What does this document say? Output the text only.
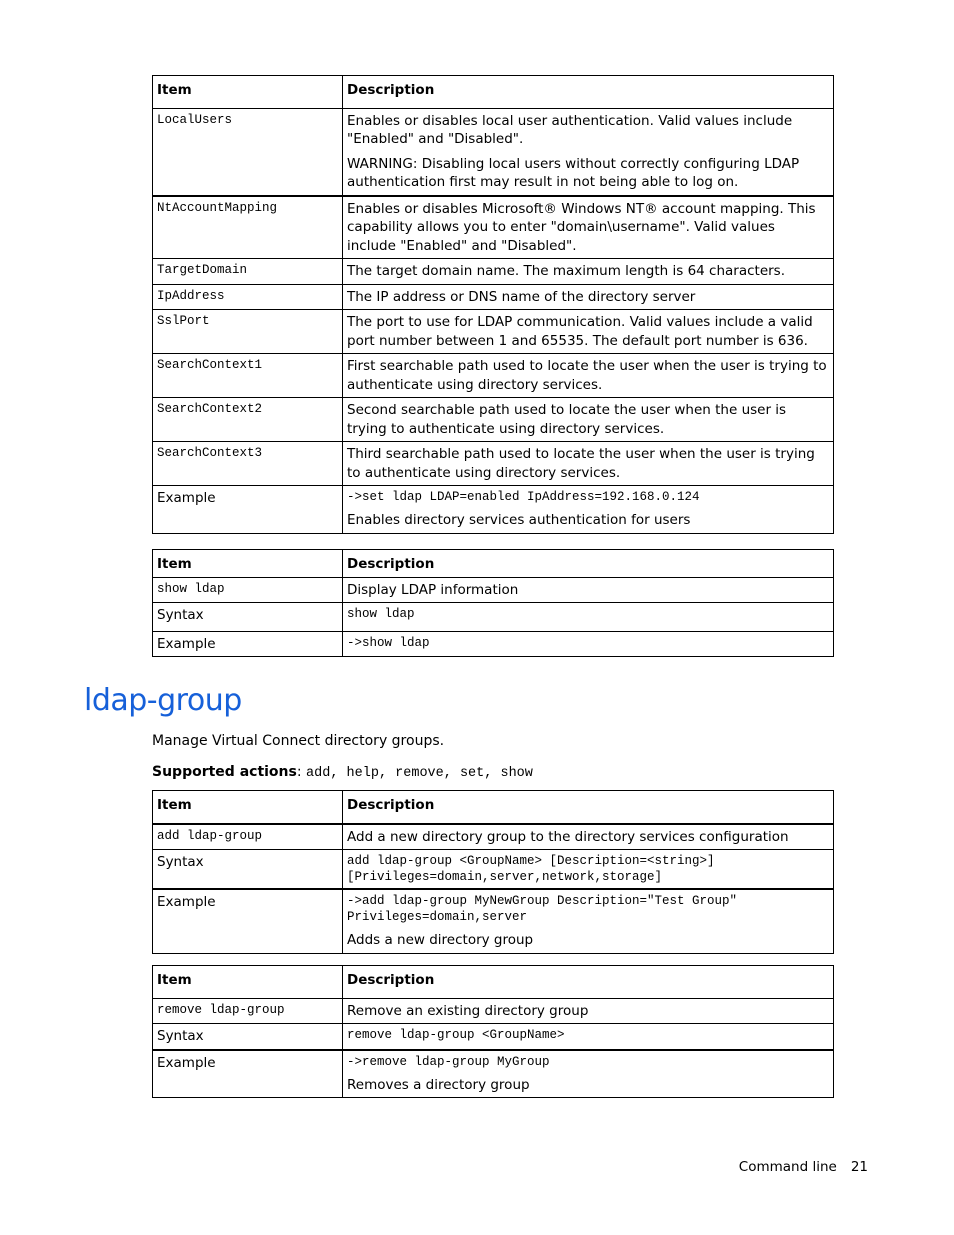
Item	Description
LocalUsers	Enables or disables local user authentication. Valid values include "Enabled" and "Disabled".

WARNING: Disabling local users without correctly configuring LDAP authentication first may result in not being able to log on.

NtAccountMapping	Enables or disables Microsoft® Windows NT® account mapping. This capability allows you to enter "domain\username". Valid values include "Enabled" and "Disabled".
TargetDomain	The target domain name. The maximum length is 64 characters.
IpAddress	The IP address or DNS name of the directory server
SslPort	The port to use for LDAP communication. Valid values include a valid port number between 1 and 65535. The default port number is 636.
SearchContext1	First searchable path used to locate the user when the user is trying to authenticate using directory services.
SearchContext2	Second searchable path used to locate the user when the user is trying to authenticate using directory services.
SearchContext3	Third searchable path used to locate the user when the user is trying to authenticate using directory services.
Example	->set ldap LDAP=enabled IpAddress=192.168.0.124

Enables directory services authentication for users

Item	Description
show ldap	Display LDAP information
Syntax	show ldap
Example	->show ldap
ldap-group

Manage Virtual Connect directory groups.

Supported actions: add, help, remove, set, show

Item	Description
add ldap-group	Add a new directory group to the directory services configuration
Syntax	add ldap-group <GroupName> [Description=<string>]

[Privileges=domain,server,network,storage]

Example	->add ldap-group MyNewGroup Description="Test Group"

Privileges=domain,server

Adds a new directory group

Item	Description
remove ldap-group	Remove an existing directory group
Syntax	remove ldap-group <GroupName>
Example	->remove ldap-group MyGroup

Removes a directory group

Command line 21
